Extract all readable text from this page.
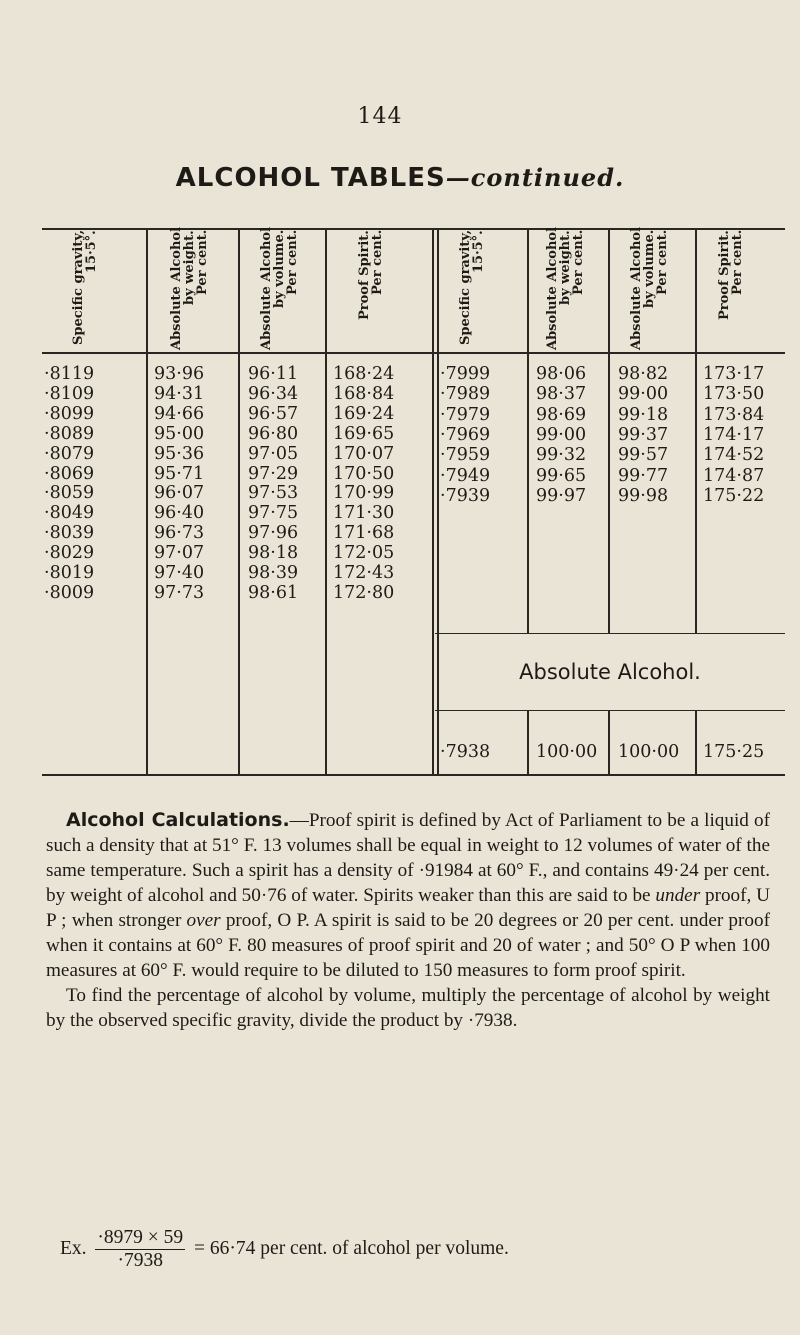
144
ALCOHOL TABLES—continued.
Specific gravity,
15·5°.
Absolute Alcohol
by weight.
Per cent.
Absolute Alcohol
by volume.
Per cent.
Proof Spirit.
Per cent.
Specific gravity,
15·5°.
Absolute Alcohol
by weight.
Per cent.
Absolute Alcohol
by volume.
Per cent.
Proof Spirit.
Per cent.
·8119
·8109
·8099
·8089
·8079
·8069
·8059
·8049
·8039
·8029
·8019
·8009
·7999
·7989
·7979
·7969
·7959
·7949
·7939
·7938
93·96
94·31
94·66
95·00
95·36
95·71
96·07
96·40
96·73
97·07
97·40
97·73
98·06
98·37
98·69
99·00
99·32
99·65
99·97
100·00
96·11
96·34
96·57
96·80
97·05
97·29
97·53
97·75
97·96
98·18
98·39
98·61
98·82
99·00
99·18
99·37
99·57
99·77
99·98
100·00
168·24
168·84
169·24
169·65
170·07
170·50
170·99
171·30
171·68
172·05
172·43
172·80
173·17
173·50
173·84
174·17
174·52
174·87
175·22
175·25
Absolute Alcohol.

Alcohol Calculations.—Proof spirit is defined by Act of Parliament to be a liquid of such a density that at 51° F. 13 volumes shall be equal in weight to 12 volumes of water of the same temperature. Such a spirit has a density of ·91984 at 60° F., and contains 49·24 per cent. by weight of alcohol and 50·76 of water. Spirits weaker than this are said to be under proof, U P ; when stronger over proof, O P. A spirit is said to be 20 degrees or 20 per cent. under proof when it contains at 60° F. 80 measures of proof spirit and 20 of water ; and 50° O P when 100 measures at 60° F. would require to be diluted to 150 measures to form proof spirit.

To find the percentage of alcohol by volume, multiply the percentage of alcohol by weight by the observed specific gravity, divide the product by ·7938.

Ex. $\frac{\cdot 8979 \times 59}{\cdot 7938} = 66\cdot 74$ per cent. of alcohol per volume.
